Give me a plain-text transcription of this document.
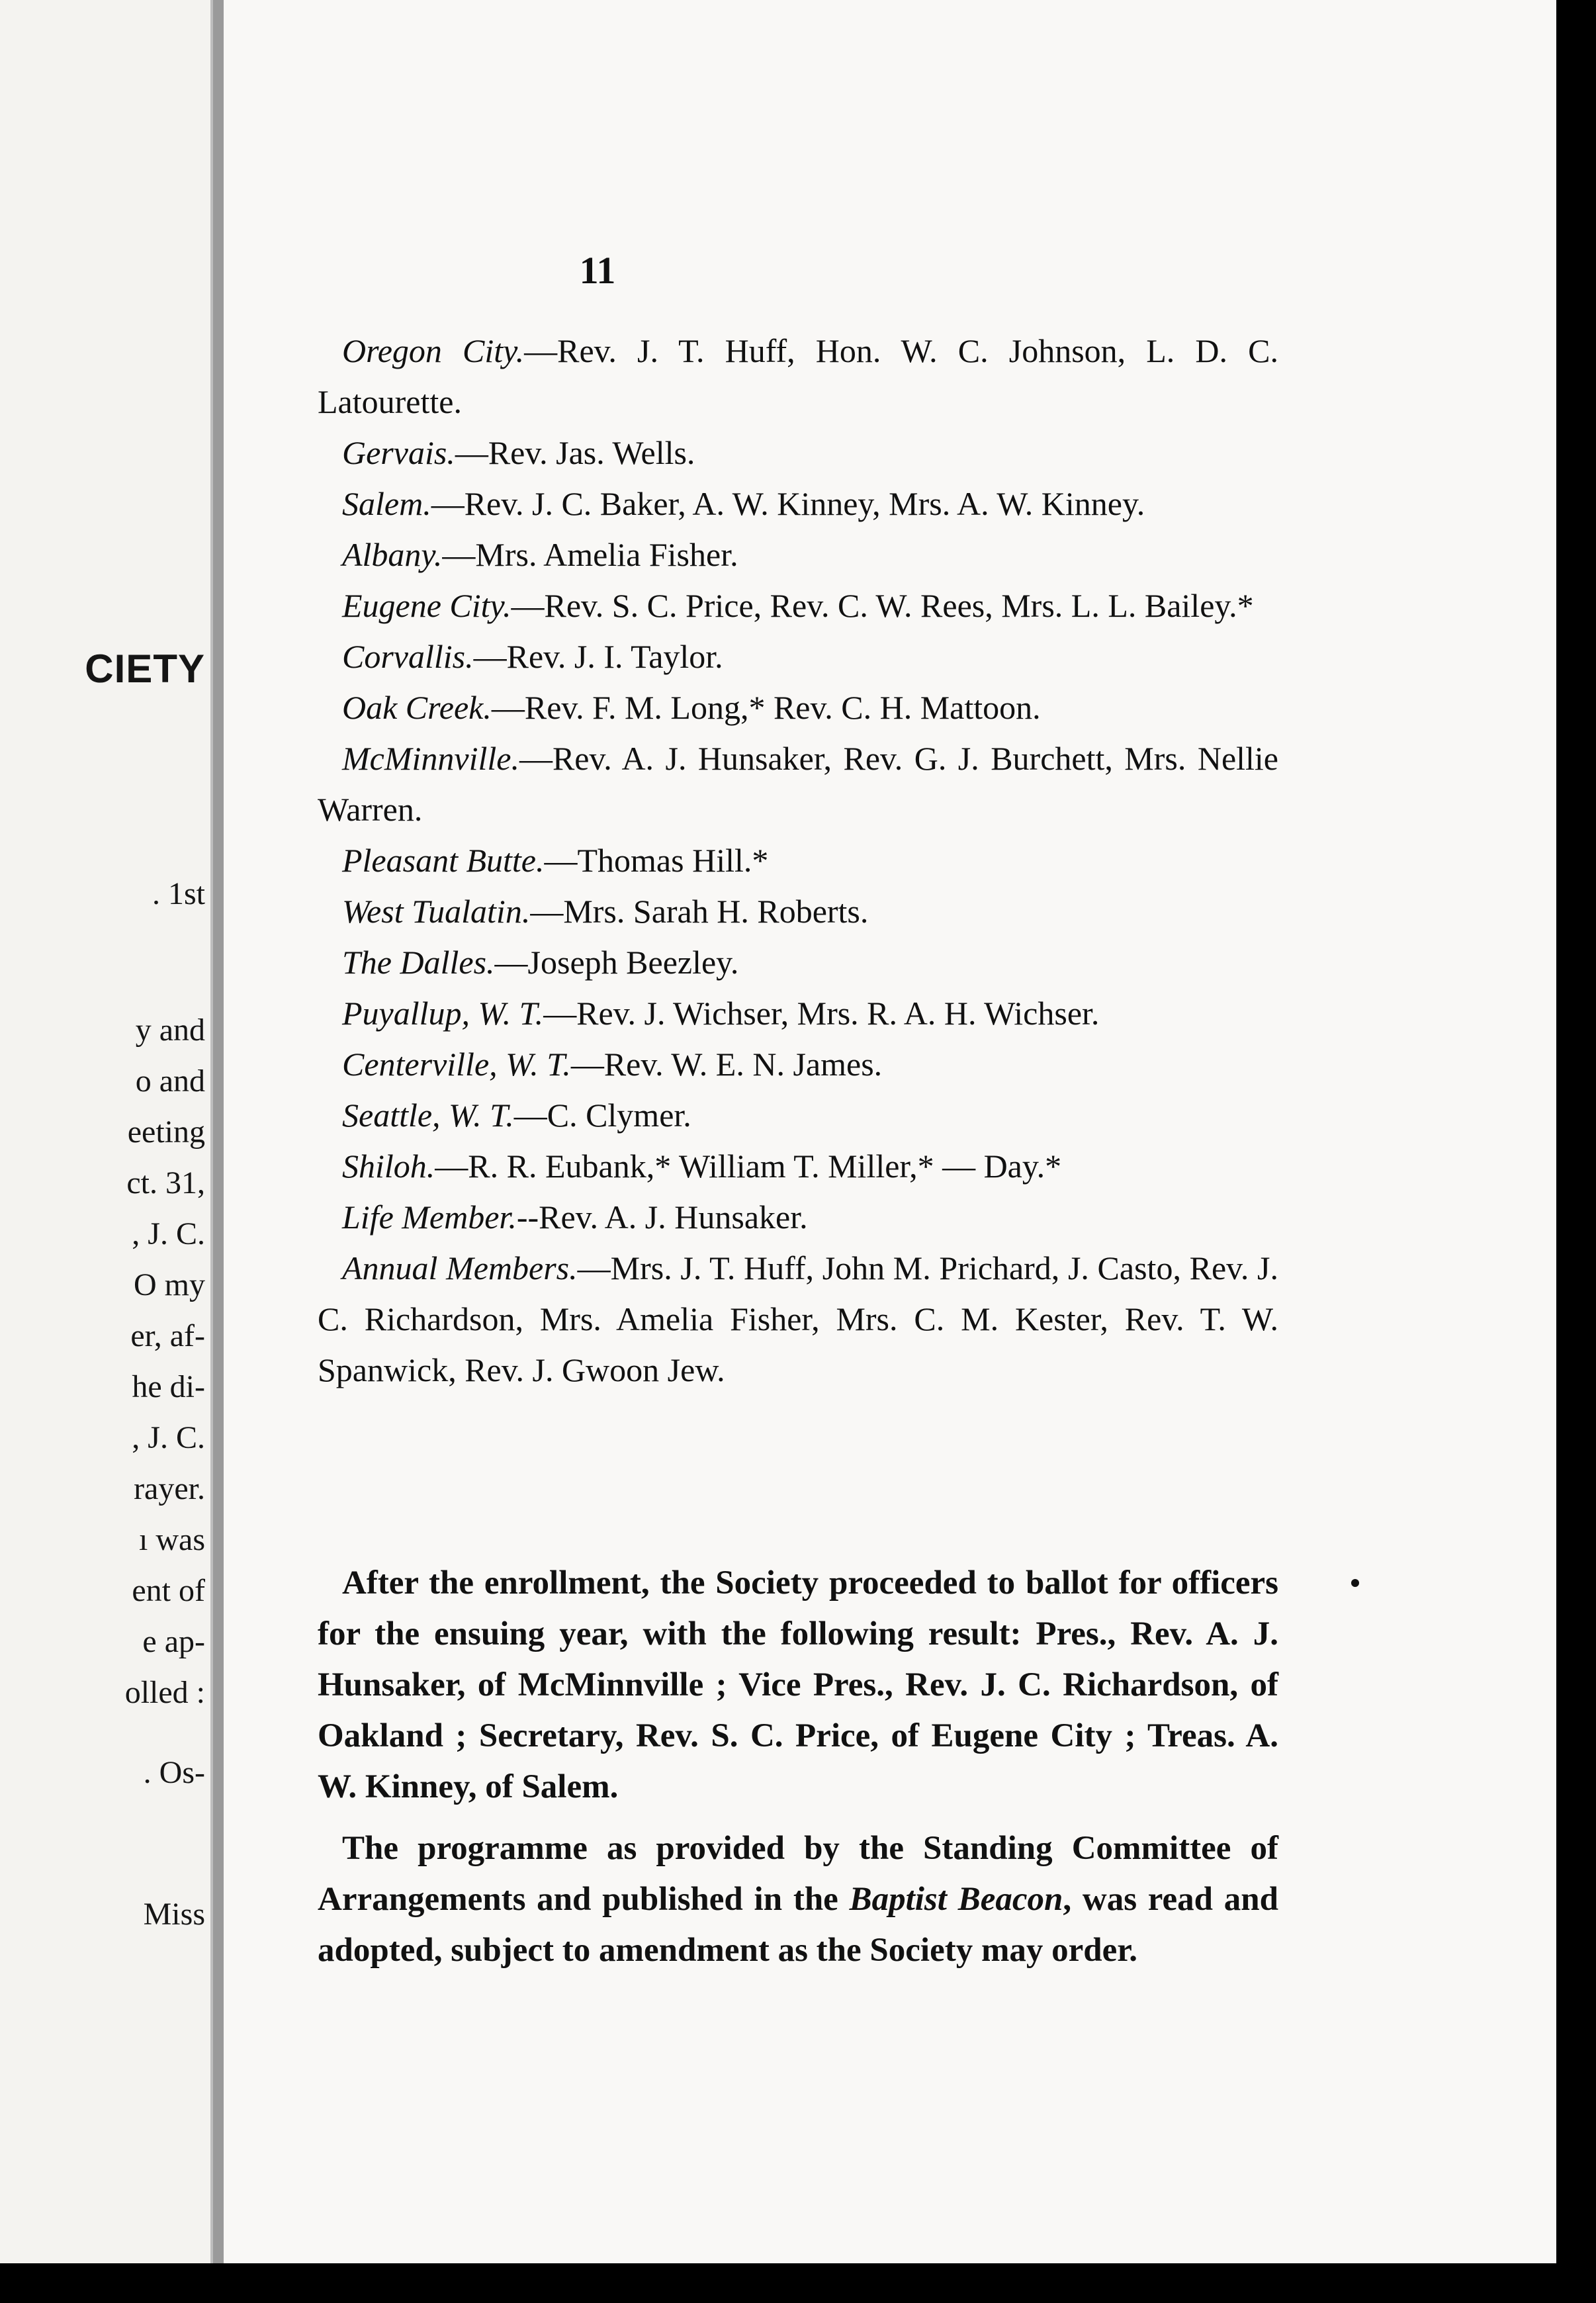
CIETY
. 1st
y and
o and
eeting
ct. 31,
, J. C.
O my
er, af-
he di-
, J. C.
rayer.
ı was
ent of
e ap-
olled :
. Os-
Miss
11

Oregon City.—Rev. J. T. Huff, Hon. W. C. Johnson, L. D. C. Latourette.

Gervais.—Rev. Jas. Wells.

Salem.—Rev. J. C. Baker, A. W. Kinney, Mrs. A. W. Kinney.

Albany.—Mrs. Amelia Fisher.

Eugene City.—Rev. S. C. Price, Rev. C. W. Rees, Mrs. L. L. Bailey.*

Corvallis.—Rev. J. I. Taylor.

Oak Creek.—Rev. F. M. Long,* Rev. C. H. Mattoon.

McMinnville.—Rev. A. J. Hunsaker, Rev. G. J. Burchett, Mrs. Nellie Warren.

Pleasant Butte.—Thomas Hill.*

West Tualatin.—Mrs. Sarah H. Roberts.

The Dalles.—Joseph Beezley.

Puyallup, W. T.—Rev. J. Wichser, Mrs. R. A. H. Wichser.

Centerville, W. T.—Rev. W. E. N. James.

Seattle, W. T.—C. Clymer.

Shiloh.—R. R. Eubank,* William T. Miller,* — Day.*

Life Member.--Rev. A. J. Hunsaker.

Annual Members.—Mrs. J. T. Huff, John M. Prichard, J. Casto, Rev. J. C. Richardson, Mrs. Amelia Fisher, Mrs. C. M. Kester, Rev. T. W. Spanwick, Rev. J. Gwoon Jew.

After the enrollment, the Society proceeded to ballot for officers for the ensuing year, with the following result: Pres., Rev. A. J. Hunsaker, of McMinnville ; Vice Pres., Rev. J. C. Richardson, of Oakland ; Secretary, Rev. S. C. Price, of Eugene City ; Treas. A. W. Kinney, of Salem.

The programme as provided by the Standing Committee of Arrangements and published in the Baptist Beacon, was read and adopted, subject to amendment as the Society may order.
